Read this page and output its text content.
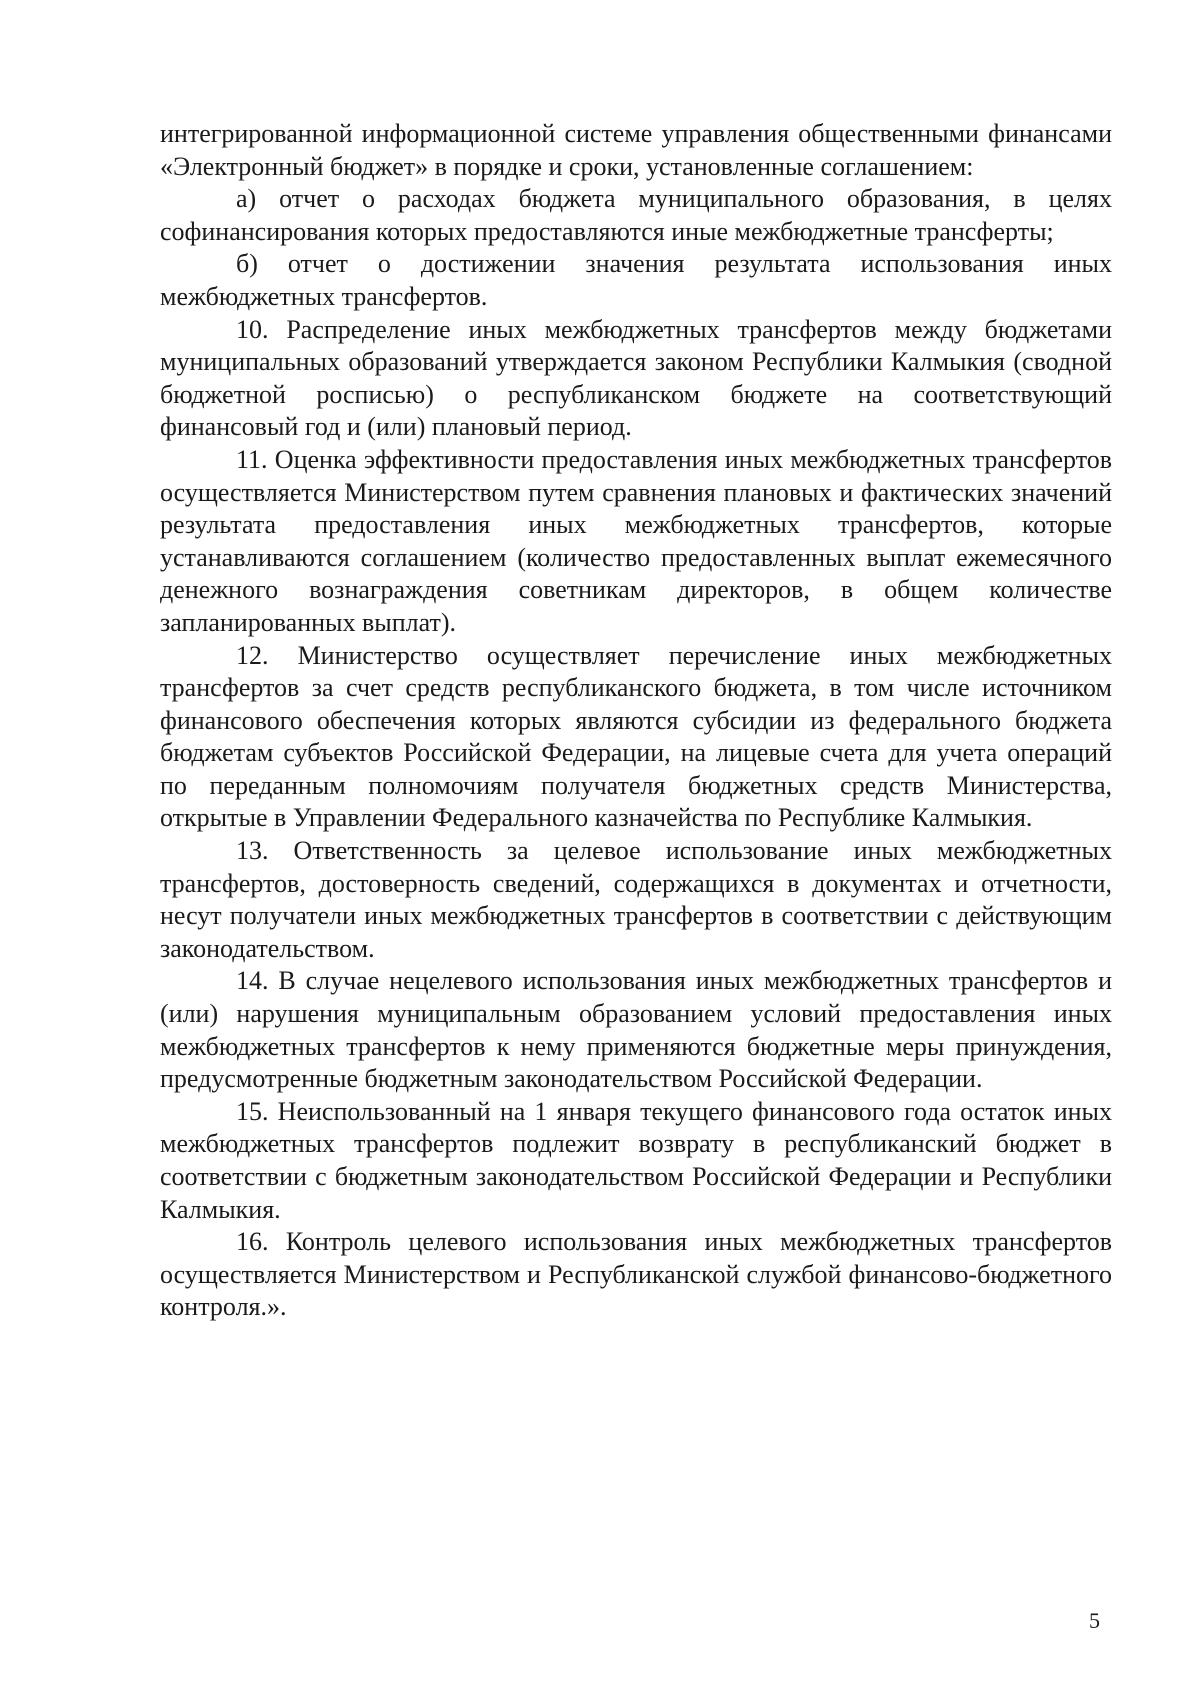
интегрированной информационной системе управления общественными финансами «Электронный бюджет» в порядке и сроки, установленные соглашением:

а) отчет о расходах бюджета муниципального образования, в целях софинансирования которых предоставляются иные межбюджетные трансферты;

б) отчет о достижении значения результата использования иных межбюджетных трансфертов.

10. Распределение иных межбюджетных трансфертов между бюджетами муниципальных образований утверждается законом Республики Калмыкия (сводной бюджетной росписью) о республиканском бюджете на соответствующий финансовый год и (или) плановый период.

11. Оценка эффективности предоставления иных межбюджетных трансфертов осуществляется Министерством путем сравнения плановых и фактических значений результата предоставления иных межбюджетных трансфертов, которые устанавливаются соглашением (количество предоставленных выплат ежемесячного денежного вознаграждения советникам директоров, в общем количестве запланированных выплат).

12. Министерство осуществляет перечисление иных межбюджетных трансфертов за счет средств республиканского бюджета, в том числе источником финансового обеспечения которых являются субсидии из федерального бюджета бюджетам субъектов Российской Федерации, на лицевые счета для учета операций по переданным полномочиям получателя бюджетных средств Министерства, открытые в Управлении Федерального казначейства по Республике Калмыкия.

13. Ответственность за целевое использование иных межбюджетных трансфертов, достоверность сведений, содержащихся в документах и отчетности, несут получатели иных межбюджетных трансфертов в соответствии с действующим законодательством.

14. В случае нецелевого использования иных межбюджетных трансфертов и (или) нарушения муниципальным образованием условий предоставления иных межбюджетных трансфертов к нему применяются бюджетные меры принуждения, предусмотренные бюджетным законодательством Российской Федерации.

15. Неиспользованный на 1 января текущего финансового года остаток иных межбюджетных трансфертов подлежит возврату в республиканский бюджет в соответствии с бюджетным законодательством Российской Федерации и Республики Калмыкия.

16. Контроль целевого использования иных межбюджетных трансфертов осуществляется Министерством и Республиканской службой финансово-бюджетного контроля.».

5
